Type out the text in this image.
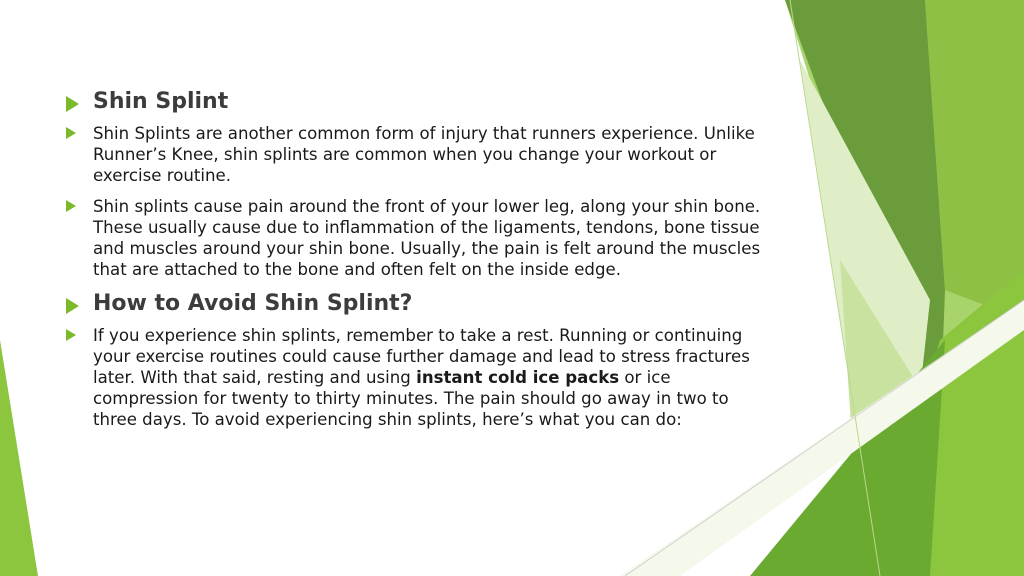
Shin Splint
Shin Splints are another common form of injury that runners experience. Unlike Runner’s Knee, shin splints are common when you change your workout or exercise routine.
Shin splints cause pain around the front of your lower leg, along your shin bone. These usually cause due to inflammation of the ligaments, tendons, bone tissue and muscles around your shin bone. Usually, the pain is felt around the muscles that are attached to the bone and often felt on the inside edge.
How to Avoid Shin Splint?
If you experience shin splints, remember to take a rest. Running or continuing your exercise routines could cause further damage and lead to stress fractures later. With that said, resting and using instant cold ice packs or ice compression for twenty to thirty minutes. The pain should go away in two to three days. To avoid experiencing shin splints, here’s what you can do:
